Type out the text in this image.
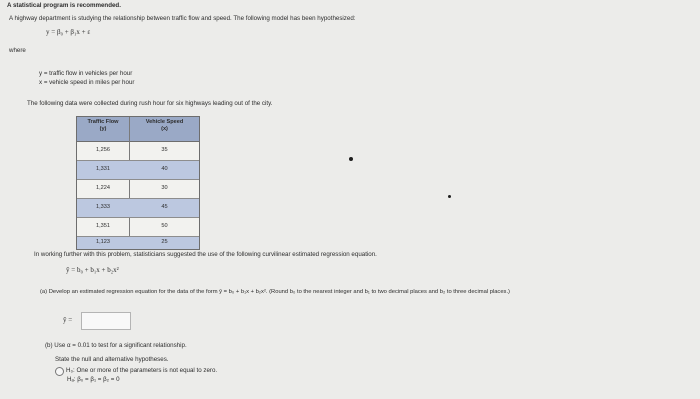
A statistical program is recommended.
A highway department is studying the relationship between traffic flow and speed. The following model has been hypothesized:
y = β₀ + β₁x + ε
where
y = traffic flow in vehicles per hour
x = vehicle speed in miles per hour
The following data were collected during rush hour for six highways leading out of the city.
Traffic Flow
(y)
Vehicle Speed
(x)
1,256	35
1,331	40
1,224	30
1,333	45
1,351	50
1,123	25
In working further with this problem, statisticians suggested the use of the following curvilinear estimated regression equation.
ŷ = b₀ + b₁x + b₂x²
(a) Develop an estimated regression equation for the data of the form ŷ = b₀ + b₁x + b₂x². (Round b₀ to the nearest integer and b₁ to two decimal places and b₂ to three decimal places.)
ŷ =
(b) Use α = 0.01 to test for a significant relationship.
State the null and alternative hypotheses.
H₀: One or more of the parameters is not equal to zero.
Hₐ: β₀ = β₁ = β₂ = 0
